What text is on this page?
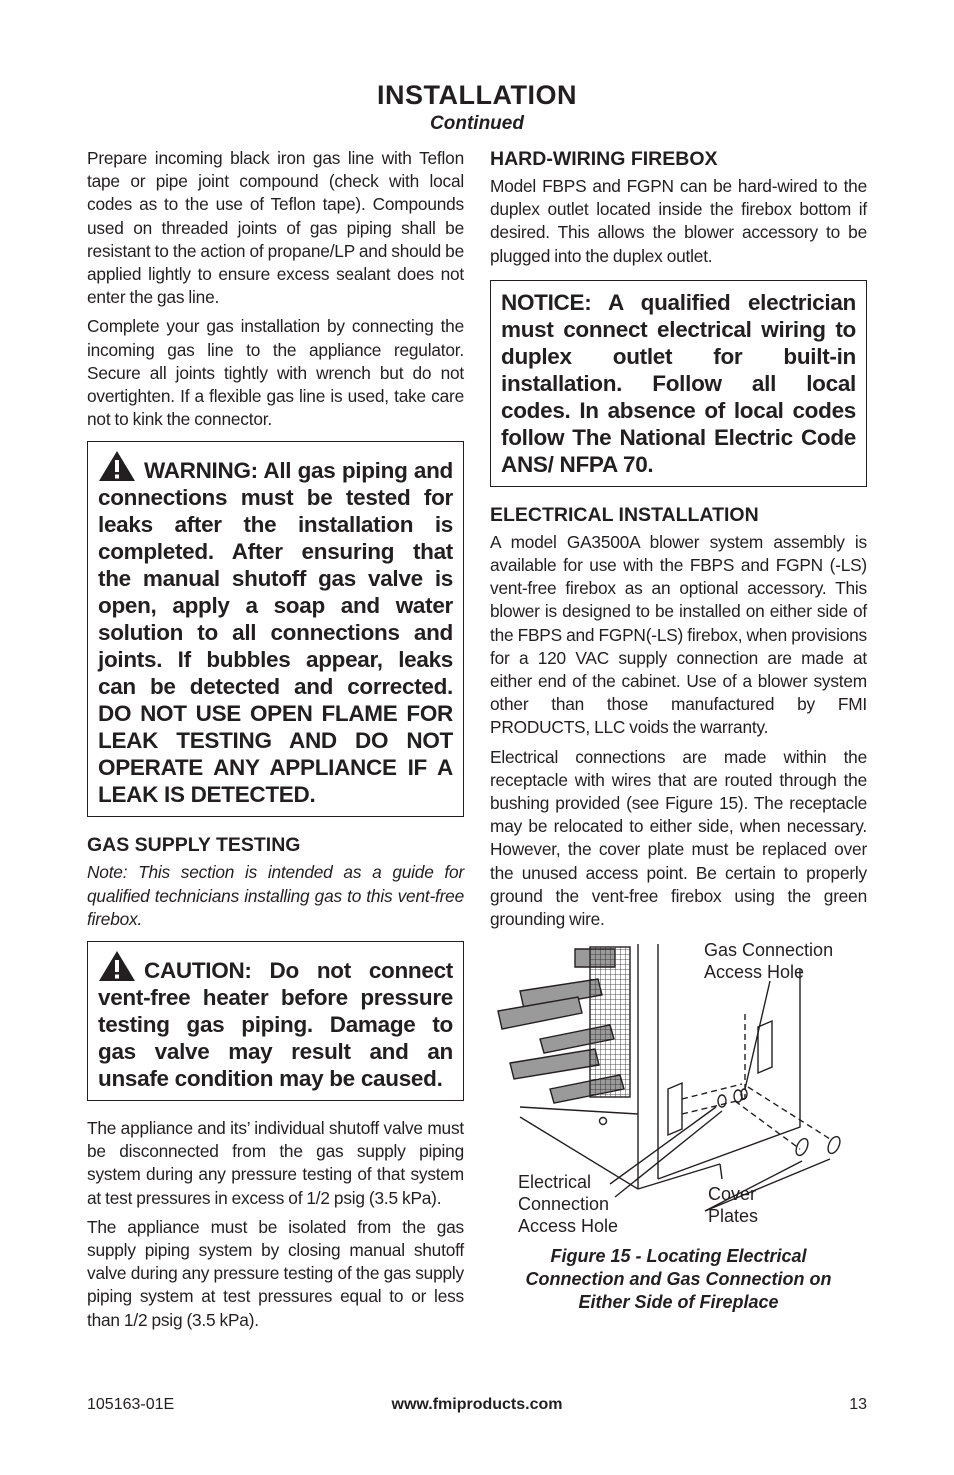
INSTALLATION
Continued

Prepare incoming black iron gas line with Teflon tape or pipe joint compound (check with local codes as to the use of Teflon tape). Compounds used on threaded joints of gas piping shall be resistant to the action of propane/LP and should be applied lightly to ensure excess sealant does not enter the gas line.

Complete your gas installation by connecting the incoming gas line to the appliance regulator. Secure all joints tightly with wrench but do not overtighten. If a flexible gas line is used, take care not to kink the connector.

WARNING: All gas piping and connections must be tested for leaks after the installation is completed. After ensuring that the manual shutoff gas valve is open, apply a soap and water solution to all connections and joints. If bubbles appear, leaks can be detected and corrected. DO NOT USE OPEN FLAME FOR LEAK TESTING AND DO NOT OPERATE ANY APPLIANCE IF A LEAK IS DETECTED.
GAS SUPPLY TESTING

Note: This section is intended as a guide for qualified technicians installing gas to this vent-free firebox.

CAUTION: Do not connect vent-free heater before pressure testing gas piping. Damage to gas valve may result and an unsafe condition may be caused.

The appliance and its’ individual shutoff valve must be disconnected from the gas supply piping system during any pressure testing of that system at test pressures in excess of 1/2 psig (3.5 kPa).

The appliance must be isolated from the gas supply piping system by closing manual shutoff valve during any pressure testing of the gas supply piping system at test pressures equal to or less than 1/2 psig (3.5 kPa).

HARD-WIRING FIREBOX

Model FBPS and FGPN can be hard-wired to the duplex outlet located inside the firebox bottom if desired. This allows the blower accessory to be plugged into the duplex outlet.

NOTICE: A qualified electrician must connect electrical wiring to duplex outlet for built-in installation. Follow all local codes. In absence of local codes follow The National Electric Code ANS/ NFPA 70.
ELECTRICAL INSTALLATION

A model GA3500A blower system assembly is available for use with the FBPS and FGPN (-LS) vent-free firebox as an optional accessory. This blower is designed to be installed on either side of the FBPS and FGPN(-LS) firebox, when provisions for a 120 VAC supply connection are made at either end of the cabinet. Use of a blower system other than those manufactured by FMI PRODUCTS, LLC voids the warranty.

Electrical connections are made within the receptacle with wires that are routed through the bushing provided (see Figure 15). The receptacle may be relocated to either side, when necessary. However, the cover plate must be replaced over the unused access point. Be certain to properly ground the vent-free firebox using the green grounding wire.

Gas Connection
Access Hole
Electrical
Connection
Access Hole
Cover
Plates
Figure 15 - Locating Electrical
Connection and Gas Connection on
Either Side of Fireplace
105163-01E	www.fmiproducts.com	13
